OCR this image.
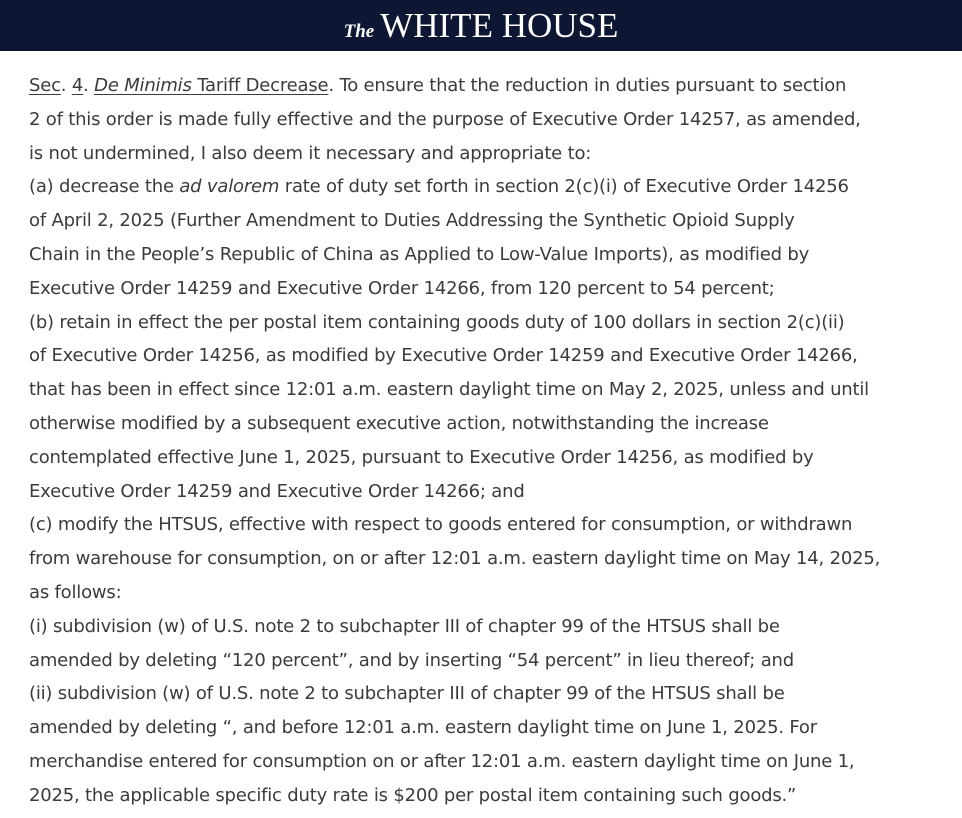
The WHITE HOUSE
Sec. 4. De Minimis Tariff Decrease. To ensure that the reduction in duties pursuant to section
2 of this order is made fully effective and the purpose of Executive Order 14257, as amended,
is not undermined, I also deem it necessary and appropriate to:
(a) decrease the ad valorem rate of duty set forth in section 2(c)(i) of Executive Order 14256
of April 2, 2025 (Further Amendment to Duties Addressing the Synthetic Opioid Supply
Chain in the People’s Republic of China as Applied to Low-Value Imports), as modified by
Executive Order 14259 and Executive Order 14266, from 120 percent to 54 percent;
(b) retain in effect the per postal item containing goods duty of 100 dollars in section 2(c)(ii)
of Executive Order 14256, as modified by Executive Order 14259 and Executive Order 14266,
that has been in effect since 12:01 a.m. eastern daylight time on May 2, 2025, unless and until
otherwise modified by a subsequent executive action, notwithstanding the increase
contemplated effective June 1, 2025, pursuant to Executive Order 14256, as modified by
Executive Order 14259 and Executive Order 14266; and
(c) modify the HTSUS, effective with respect to goods entered for consumption, or withdrawn
from warehouse for consumption, on or after 12:01 a.m. eastern daylight time on May 14, 2025,
as follows:
(i) subdivision (w) of U.S. note 2 to subchapter III of chapter 99 of the HTSUS shall be
amended by deleting “120 percent”, and by inserting “54 percent” in lieu thereof; and
(ii) subdivision (w) of U.S. note 2 to subchapter III of chapter 99 of the HTSUS shall be
amended by deleting “, and before 12:01 a.m. eastern daylight time on June 1, 2025. For
merchandise entered for consumption on or after 12:01 a.m. eastern daylight time on June 1,
2025, the applicable specific duty rate is $200 per postal item containing such goods.”
